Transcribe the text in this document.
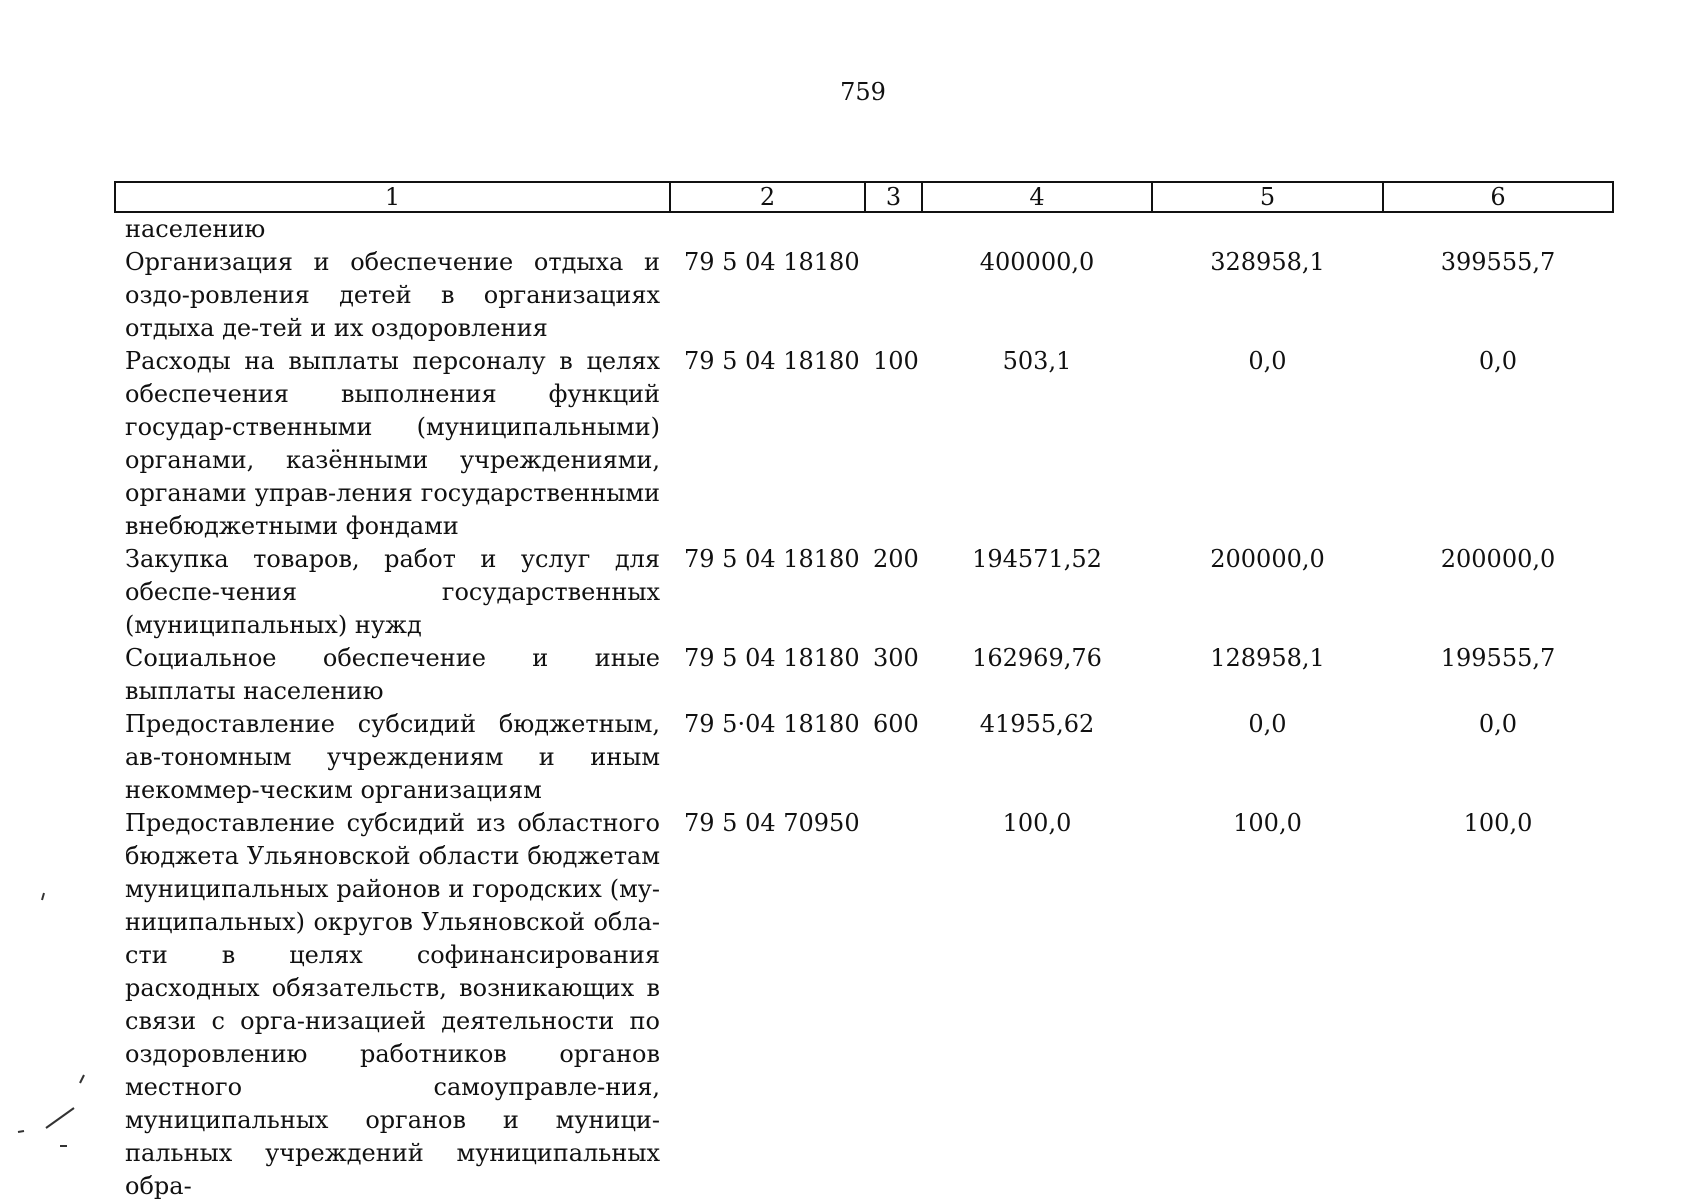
759
1	2	3	4	5	6
населению					
Организация и обеспечение отдыха и оздо-ровления детей в организациях отдыха де-тей и их оздоровления	79 5 04 18180		400000,0	328958,1	399555,7
Расходы на выплаты персоналу в целях обеспечения выполнения функций государ-ственными (муниципальными) органами, казёнными учреждениями, органами управ-ления государственными внебюджетными фондами	79 5 04 18180	100	503,1	0,0	0,0
Закупка товаров, работ и услуг для обеспе-чения государственных (муниципальных) нужд	79 5 04 18180	200	194571,52	200000,0	200000,0
Социальное обеспечение и иные выплаты населению	79 5 04 18180	300	162969,76	128958,1	199555,7
Предоставление субсидий бюджетным, ав-тономным учреждениям и иным некоммер-ческим организациям	79 5·04 18180	600	41955,62	0,0	0,0
Предоставление субсидий из областного бюджета Ульяновской области бюджетам муниципальных районов и городских (му-ниципальных) округов Ульяновской обла-сти в целях софинансирования расходных обязательств, возникающих в связи с орга-низацией деятельности по оздоровлению работников органов местного самоуправле-ния, муниципальных органов и муници-пальных учреждений муниципальных обра-	79 5 04 70950		100,0	100,0	100,0
